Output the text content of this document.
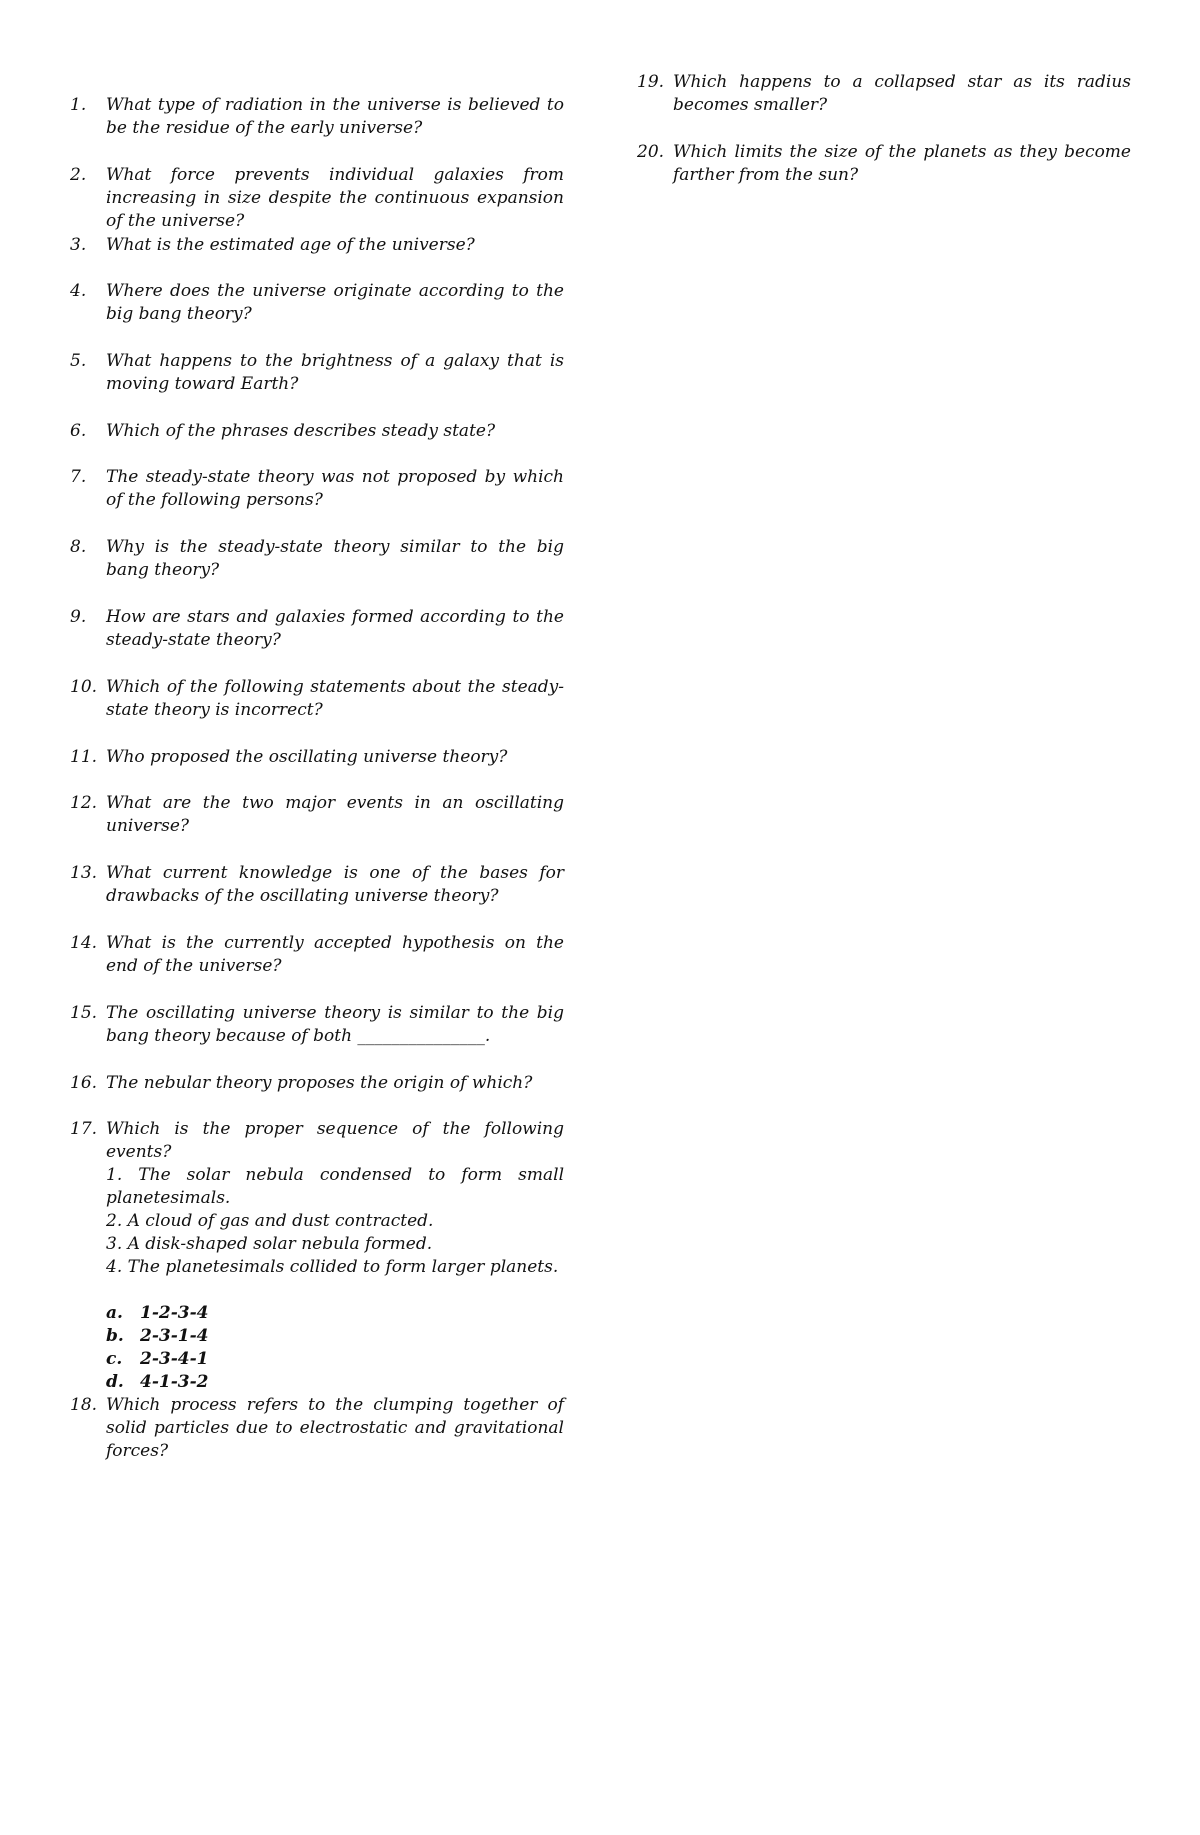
1.	What type of radiation in the universe is believed to be the residue of the early universe?
2.	What force prevents individual galaxies from increasing in size despite the continuous expansion of the universe?
3.	What is the estimated age of the universe?
4.	Where does the universe originate according to the big bang theory?
5.	What happens to the brightness of a galaxy that is moving toward Earth?
6.	Which of the phrases describes steady state?
7.	The steady-state theory was not proposed by which of the following persons?
8.	Why is the steady-state theory similar to the big bang theory?
9.	How are stars and galaxies formed according to the steady-state theory?
10. Which of the following statements about the steady-state theory is incorrect?
11. Who proposed the oscillating universe theory?
12. What are the two major events in an oscillating universe?
13. What current knowledge is one of the bases for drawbacks of the oscillating universe theory?
14. What is the currently accepted hypothesis on the end of the universe?
15. The oscillating universe theory is similar to the big bang theory because of both _______________.
16. The nebular theory proposes the origin of which?
17. Which is the proper sequence of the following events?
1. The solar nebula condensed to form small planetesimals.
2. A cloud of gas and dust contracted.
3. A disk-shaped solar nebula formed.
4. The planetesimals collided to form larger planets.
a. 1-2-3-4
b. 2-3-1-4
c. 2-3-4-1
d. 4-1-3-2
18. Which process refers to the clumping together of solid particles due to electrostatic and gravitational forces?
19. Which happens to a collapsed star as its radius becomes smaller?
20. Which limits the size of the planets as they become farther from the sun?
